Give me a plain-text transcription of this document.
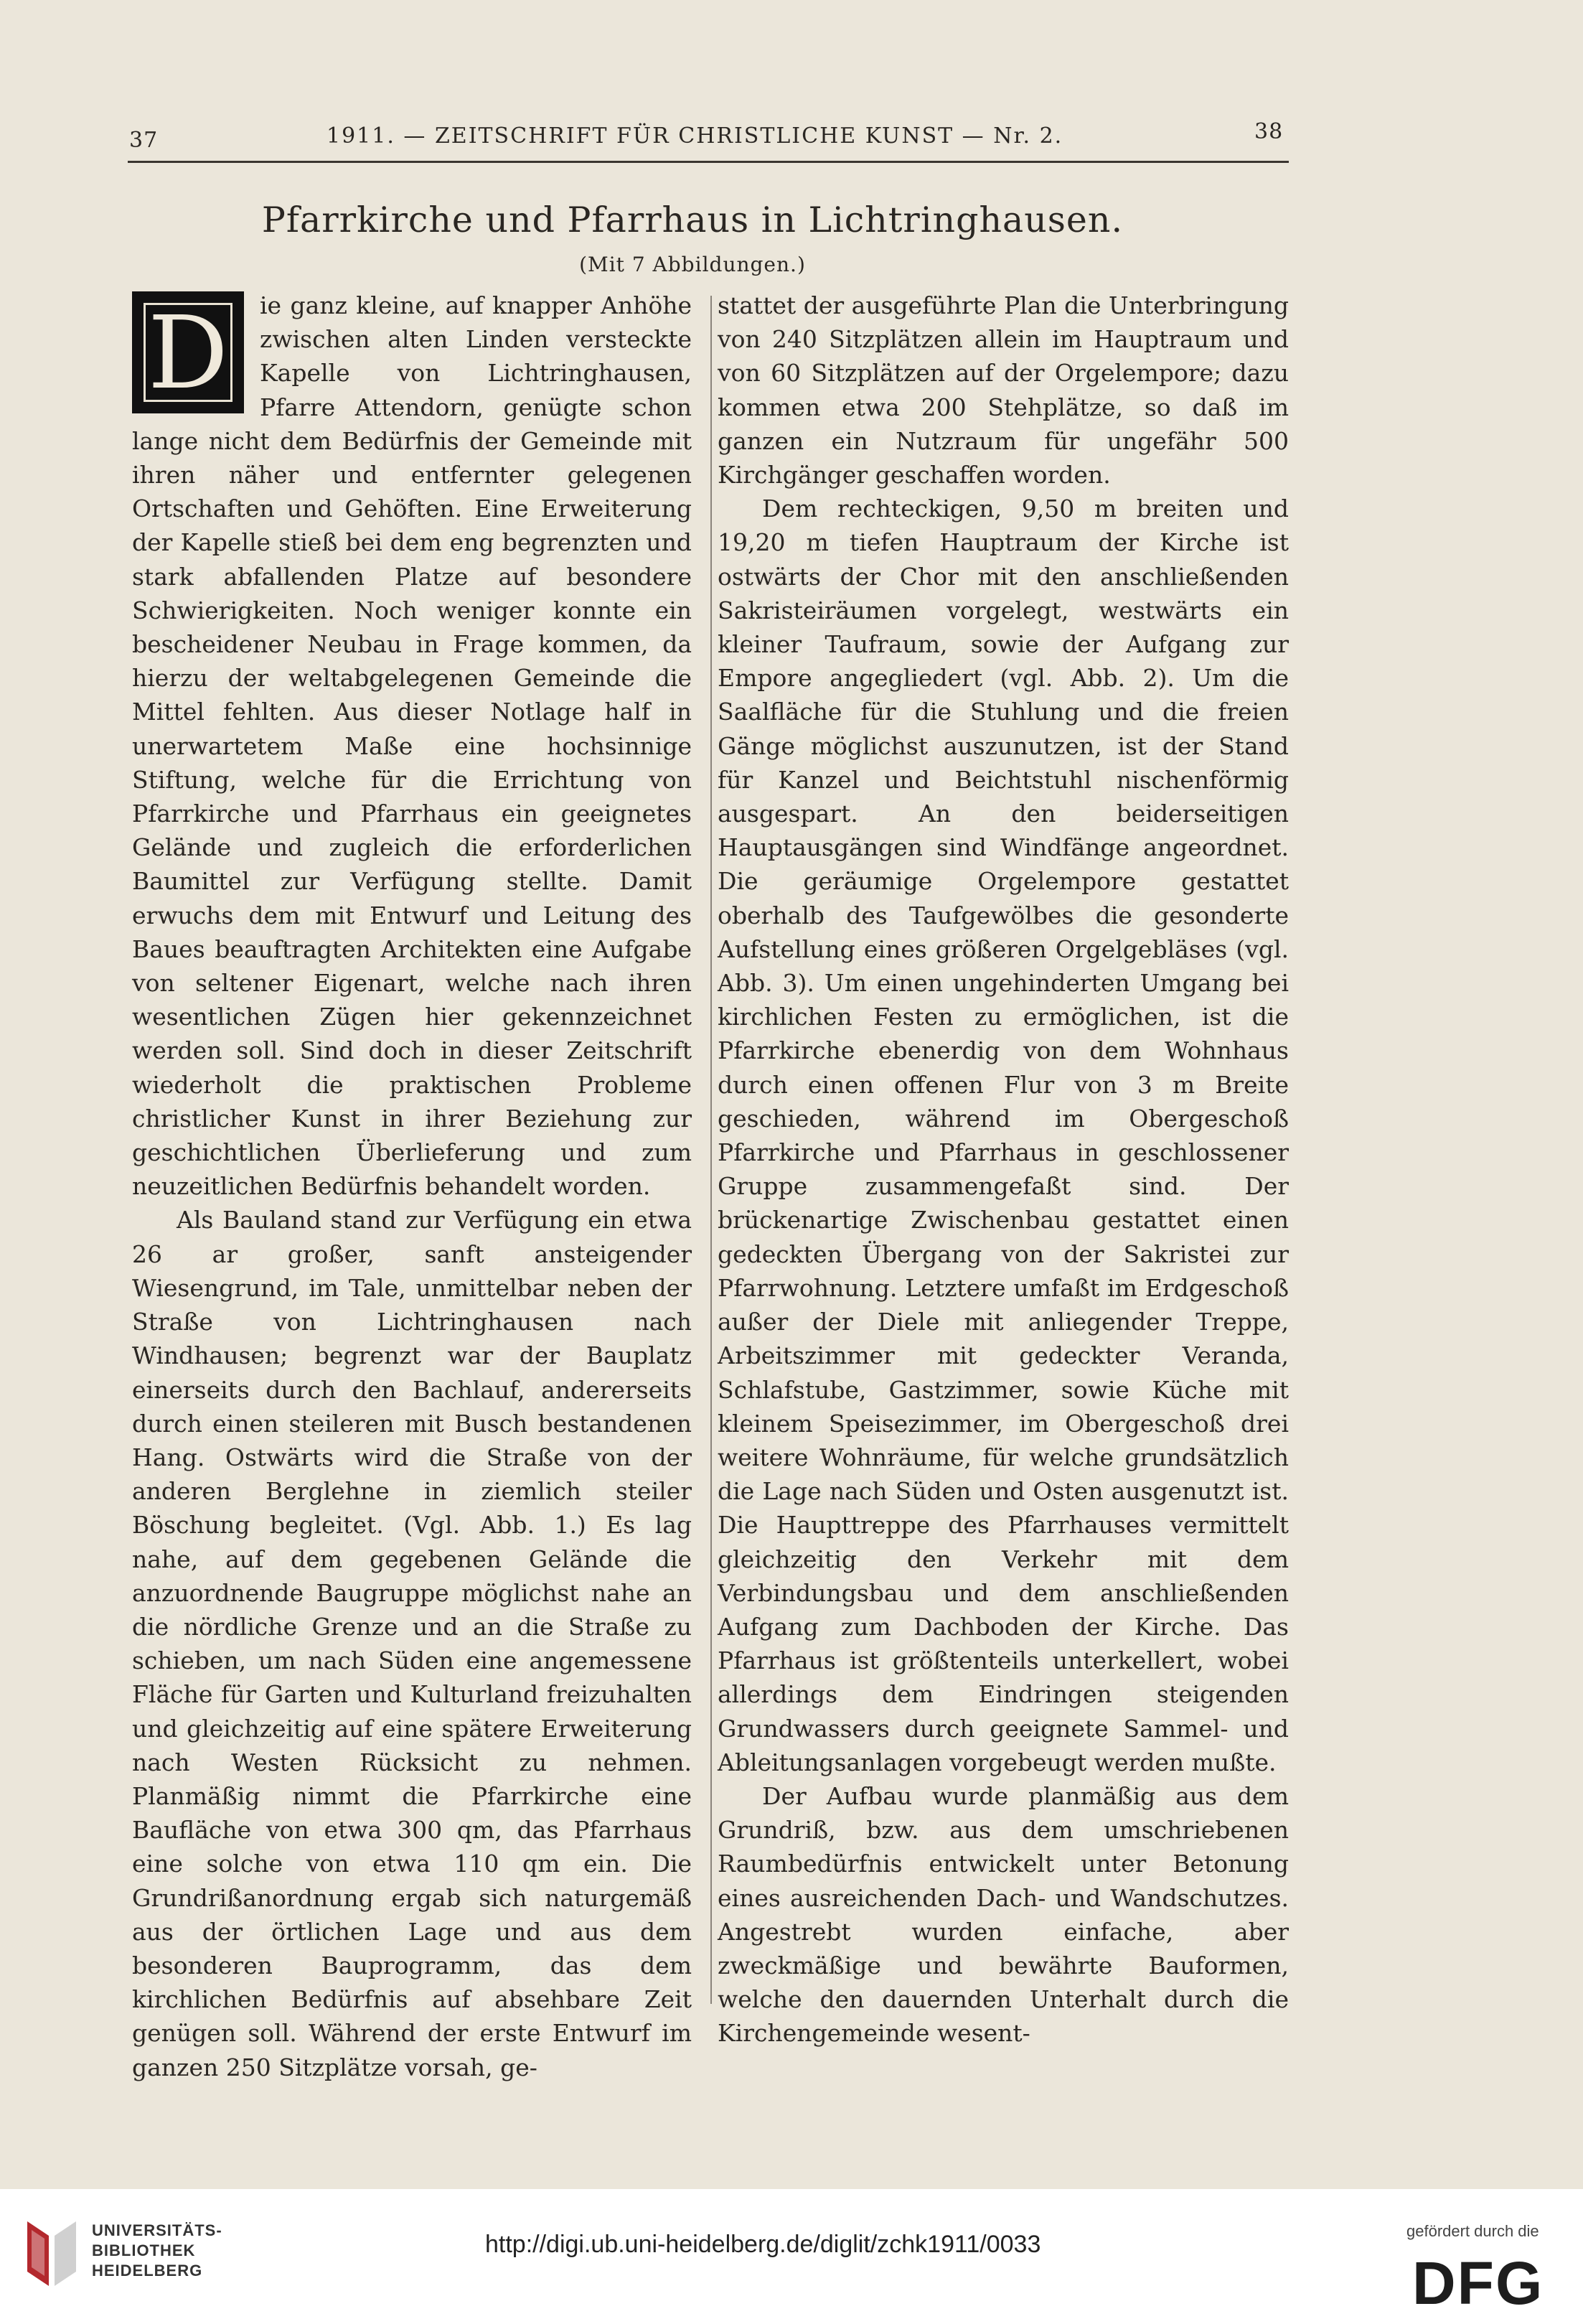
37	1911. — ZEITSCHRIFT FÜR CHRISTLICHE KUNST — Nr. 2.	38
Pfarrkirche und Pfarrhaus in Lichtringhausen.
(Mit 7 Abbildungen.)
D	ie ganz kleine, auf knapper Anhöhe zwischen alten Linden versteckte Kapelle von Lichtringhausen, Pfarre Attendorn, genügte schon lange nicht dem Bedürfnis der Gemeinde mit ihren näher und entfernter gelegenen Ortschaften und Gehöften. Eine Erweiterung der Kapelle stieß bei dem eng begrenzten und stark abfallenden Platze auf besondere Schwierigkeiten. Noch weniger konnte ein bescheidener Neubau in Frage kommen, da hierzu der weltabgelegenen Gemeinde die Mittel fehlten. Aus dieser Notlage half in unerwartetem Maße eine hochsinnige Stiftung, welche für die Errichtung von Pfarrkirche und Pfarrhaus ein geeignetes Gelände und zugleich die erforderlichen Baumittel zur Verfügung stellte. Damit erwuchs dem mit Entwurf und Leitung des Baues beauftragten Architekten eine Aufgabe von seltener Eigenart, welche nach ihren wesentlichen Zügen hier gekennzeichnet werden soll. Sind doch in dieser Zeitschrift wiederholt die praktischen Probleme christlicher Kunst in ihrer Beziehung zur geschichtlichen Überlieferung und zum neuzeitlichen Bedürfnis behandelt worden.

Als Bauland stand zur Verfügung ein etwa 26 ar großer, sanft ansteigender Wiesengrund, im Tale, unmittelbar neben der Straße von Lichtringhausen nach Windhausen; begrenzt war der Bauplatz einerseits durch den Bachlauf, andererseits durch einen steileren mit Busch bestandenen Hang. Ostwärts wird die Straße von der anderen Berglehne in ziemlich steiler Böschung begleitet. (Vgl. Abb. 1.) Es lag nahe, auf dem gegebenen Gelände die anzuordnende Baugruppe möglichst nahe an die nördliche Grenze und an die Straße zu schieben, um nach Süden eine angemessene Fläche für Garten und Kulturland freizuhalten und gleichzeitig auf eine spätere Erweiterung nach Westen Rücksicht zu nehmen. Planmäßig nimmt die Pfarrkirche eine Baufläche von etwa 300 qm, das Pfarrhaus eine solche von etwa 110 qm ein. Die Grundrißanordnung ergab sich naturgemäß aus der örtlichen Lage und aus dem besonderen Bauprogramm, das dem kirchlichen Bedürfnis auf absehbare Zeit genügen soll. Während der erste Entwurf im ganzen 250 Sitzplätze vorsah, ge-

stattet der ausgeführte Plan die Unterbringung von 240 Sitzplätzen allein im Hauptraum und von 60 Sitzplätzen auf der Orgelempore; dazu kommen etwa 200 Stehplätze, so daß im ganzen ein Nutzraum für ungefähr 500 Kirchgänger geschaffen worden.

Dem rechteckigen, 9,50 m breiten und 19,20 m tiefen Hauptraum der Kirche ist ostwärts der Chor mit den anschließenden Sakristeiräumen vorgelegt, westwärts ein kleiner Taufraum, sowie der Aufgang zur Empore angegliedert (vgl. Abb. 2). Um die Saalfläche für die Stuhlung und die freien Gänge möglichst auszunutzen, ist der Stand für Kanzel und Beichtstuhl nischenförmig ausgespart. An den beiderseitigen Hauptausgängen sind Windfänge angeordnet. Die geräumige Orgelempore gestattet oberhalb des Taufgewölbes die gesonderte Aufstellung eines größeren Orgelgebläses (vgl. Abb. 3). Um einen ungehinderten Umgang bei kirchlichen Festen zu ermöglichen, ist die Pfarrkirche ebenerdig von dem Wohnhaus durch einen offenen Flur von 3 m Breite geschieden, während im Obergeschoß Pfarrkirche und Pfarrhaus in geschlossener Gruppe zusammengefaßt sind. Der brückenartige Zwischenbau gestattet einen gedeckten Übergang von der Sakristei zur Pfarrwohnung. Letztere umfaßt im Erdgeschoß außer der Diele mit anliegender Treppe, Arbeitszimmer mit gedeckter Veranda, Schlafstube, Gastzimmer, sowie Küche mit kleinem Speisezimmer, im Obergeschoß drei weitere Wohnräume, für welche grundsätzlich die Lage nach Süden und Osten ausgenutzt ist. Die Haupttreppe des Pfarrhauses vermittelt gleichzeitig den Verkehr mit dem Verbindungsbau und dem anschließenden Aufgang zum Dachboden der Kirche. Das Pfarrhaus ist größtenteils unterkellert, wobei allerdings dem Eindringen steigenden Grundwassers durch geeignete Sammel- und Ableitungsanlagen vorgebeugt werden mußte.

Der Aufbau wurde planmäßig aus dem Grundriß, bzw. aus dem umschriebenen Raumbedürfnis entwickelt unter Betonung eines ausreichenden Dach- und Wandschutzes. Angestrebt wurden einfache, aber zweckmäßige und bewährte Bauformen, welche den dauernden Unterhalt durch die Kirchengemeinde wesent-

UNIVERSITÄTS-
BIBLIOTHEK
HEIDELBERG
http://digi.ub.uni-heidelberg.de/diglit/zchk1911/0033	gefördert durch die
DFG
